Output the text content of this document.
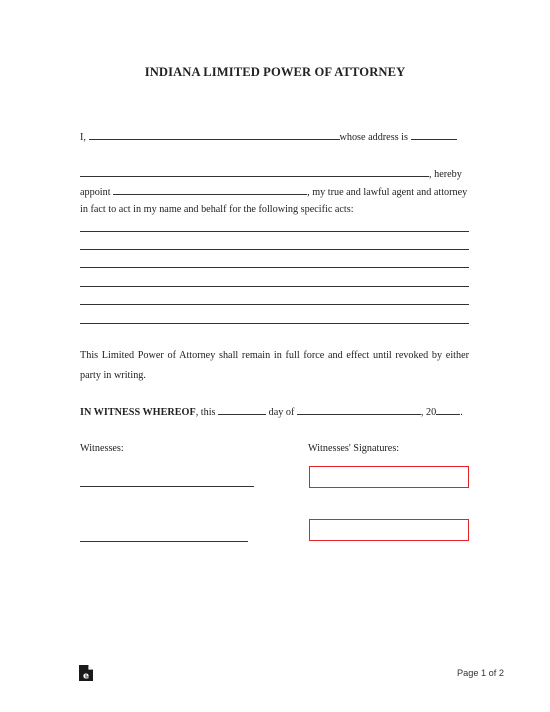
INDIANA LIMITED POWER OF ATTORNEY
I,	whose address is
, hereby
appoint	, my true and lawful agent and attorney
in fact to act in my name and behalf for the following specific acts:
This Limited Power of Attorney shall remain in full force and effect until revoked by either party in writing.
IN WITNESS WHEREOF, this	day of	, 20 .
Witnesses:	Witnesses' Signatures:
e	Page 1 of 2
